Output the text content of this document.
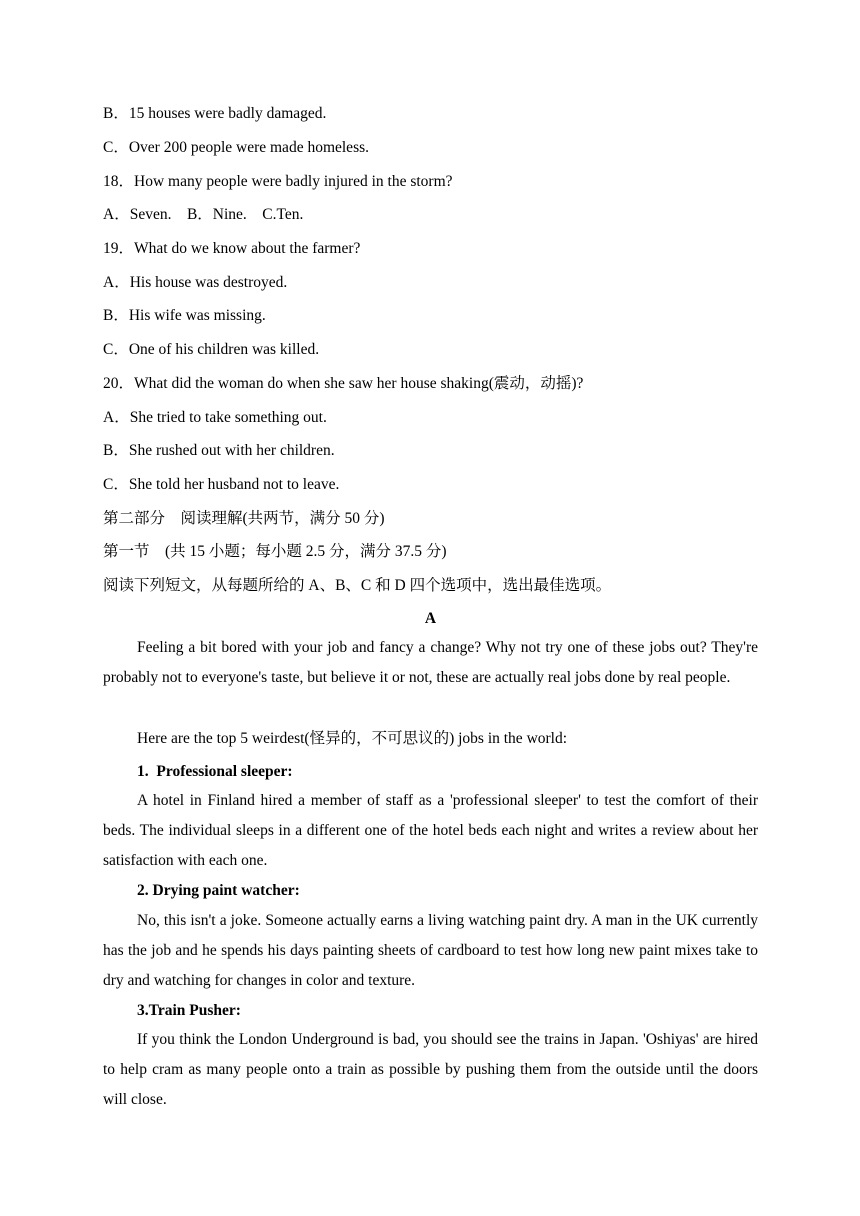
B．15 houses were badly damaged.
C．Over 200 people were made homeless.
18．How many people were badly injured in the storm?
A．Seven.    B．Nine.    C.Ten.
19．What do we know about the farmer?
A．His house was destroyed.
B．His wife was missing.
C．One of his children was killed.
20．What did the woman do when she saw her house shaking(震动，动摇)?
A．She tried to take something out.
B．She rushed out with her children.
C．She told her husband not to leave.
第二部分　阅读理解(共两节，满分 50 分)
第一节　(共 15 小题；每小题 2.5 分，满分 37.5 分)
阅读下列短文，从每题所给的 A、B、C 和 D 四个选项中，选出最佳选项。
A
Feeling a bit bored with your job and fancy a change? Why not try one of these jobs out? They're probably not to everyone's taste, but believe it or not, these are actually real jobs done by real people.
Here are the top 5 weirdest(怪异的，不可思议的) jobs in the world:
1.  Professional sleeper:
A hotel in Finland hired a member of staff as a 'professional sleeper' to test the comfort of their beds. The individual sleeps in a different one of the hotel beds each night and writes a review about her satisfaction with each one.
2. Drying paint watcher:
No, this isn't a joke. Someone actually earns a living watching paint dry. A man in the UK currently has the job and he spends his days painting sheets of cardboard to test how long new paint mixes take to dry and watching for changes in color and texture.
3.Train Pusher:
If you think the London Underground is bad, you should see the trains in Japan. 'Oshiyas' are hired to help cram as many people onto a train as possible by pushing them from the outside until the doors will close.
